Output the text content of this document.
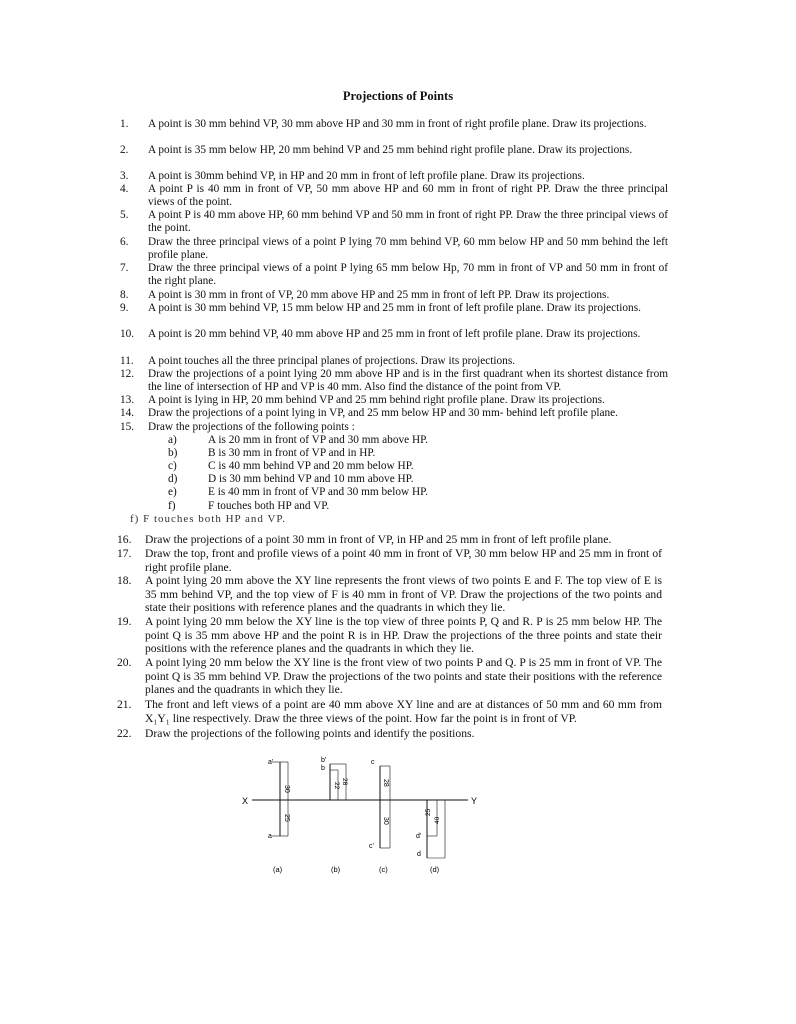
Projections of Points
1.	A point is 30 mm behind VP, 30 mm above HP and 30 mm in front of right profile plane. Draw its projections.
2.	A point is 35 mm below HP, 20 mm behind VP and 25 mm behind right profile plane. Draw its projections.
3.	A point is 30mm behind VP, in HP and 20 mm in front of left profile plane. Draw its projections.
4.	A point P is 40 mm in front of VP, 50 mm above HP and 60 mm in front of right PP. Draw the three principal views of the point.
5.	A point P is 40 mm above HP, 60 mm behind VP and 50 mm in front of right PP. Draw the three principal views of the point.
6.	Draw the three principal views of a point P lying 70 mm behind VP, 60 mm below HP and 50 mm behind the left profile plane.
7.	Draw the three principal views of a point P lying 65 mm below Hp, 70 mm in front of VP and 50 mm in front of the right plane.
8.	A point is 30 mm in front of VP, 20 mm above HP and 25 mm in front of left PP. Draw its projections.
9.	A point is 30 mm behind VP, 15 mm below HP and 25 mm in front of left profile plane. Draw its projections.
10.	A point is 20 mm behind VP, 40 mm above HP and 25 mm in front of left profile plane. Draw its projections.
11.	A point touches all the three principal planes of projections. Draw its projections.
12.	Draw the projections of a point lying 20 mm above HP and is in the first quadrant when its shortest distance from the line of intersection of HP and VP is 40 mm. Also find the distance of the point from VP.
13.	A point is lying in HP, 20 mm behind VP and 25 mm behind right profile plane. Draw its projections.
14.	Draw the projections of a point lying in VP, and 25 mm below HP and 30 mm- behind left profile plane.
15.	Draw the projections of the following points :
a)	A is 20 mm in front of VP and 30 mm above HP.
b)	B is 30 mm in front of VP and in HP.
c)	C is 40 mm behind VP and 20 mm below HP.
d)	D is 30 mm behind VP and 10 mm above HP.
e)	E is 40 mm in front of VP and 30 mm below HP.
f)	F touches both HP and VP.
f) F touches both HP and VP.
16.	Draw the projections of a point 30 mm in front of VP, in HP and 25 mm in front of left profile plane.
17.	Draw the top, front and profile views of a point 40 mm in front of VP, 30 mm below HP and 25 mm in front of right profile plane.
18.	A point lying 20 mm above the XY line represents the front views of two points E and F. The top view of E is 35 mm behind VP, and the top view of F is 40 mm in front of VP. Draw the projections of the two points and state their positions with reference planes and the quadrants in which they lie.
19.	A point lying 20 mm below the XY line is the top view of three points P, Q and R. P is 25 mm below HP. The point Q is 35 mm above HP and the point R is in HP. Draw the projections of the three points and state their positions with the reference planes and the quadrants in which they lie.
20.	A point lying 20 mm below the XY line is the front view of two points P and Q. P is 25 mm in front of VP. The point Q is 35 mm behind VP. Draw the projections of the two points and state their positions with the reference planes and the quadrants in which they lie.
21.	The front and left views of a point are 40 mm above XY line and are at distances of 50 mm and 60 mm from X₁Y₁ line respectively. Draw the three views of the point. How far the point is in front of VP.
22.	Draw the projections of the following points and identify the positions.
X	Y
a'
a
30
25
(a)
b'
b
22
28
(b)
c
c'
28
30
(c)
d'
d
25
40
(d)
